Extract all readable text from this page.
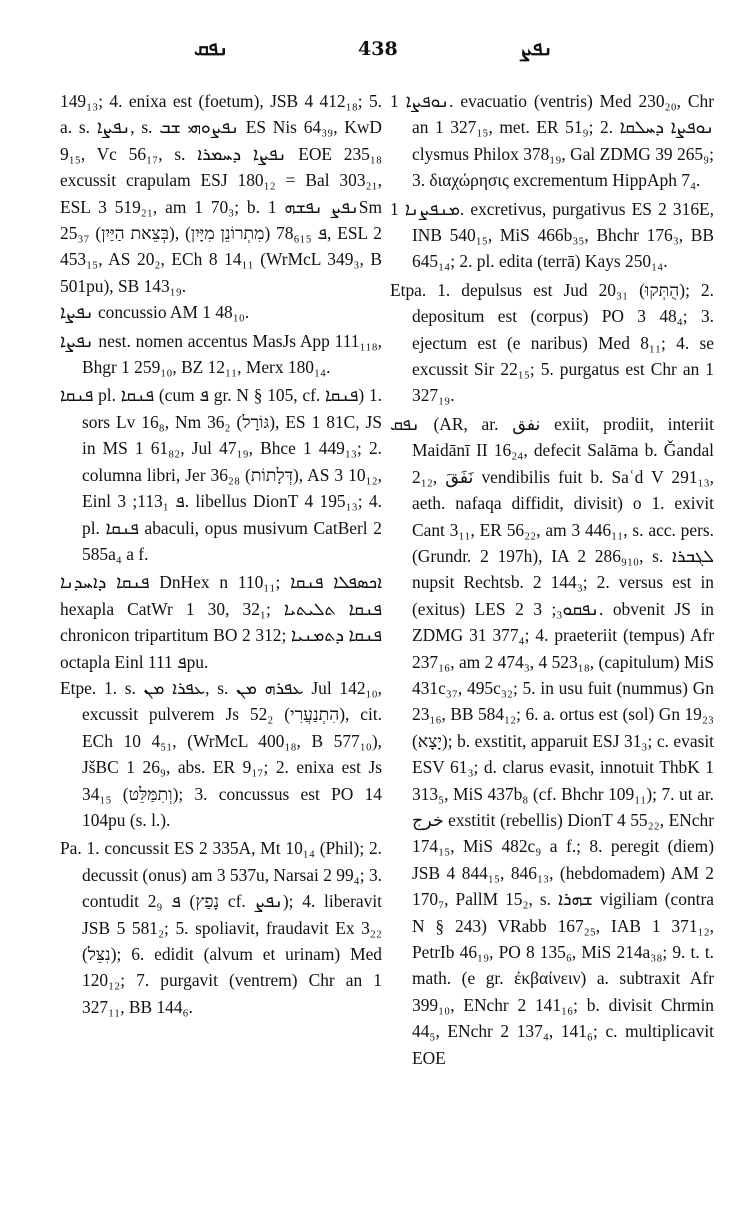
ܢܦܩ	438	ܢܦܨ

149₁₃; 4. enixa est (foetum), JSB 4 412₁₈; 5. a. s. ܢܦܨܐ, s. ܢܦܨܘܗܝ ܫܒ ES Nis 64₃₉, KwD 9₁₅, Vc 56₁₇, s. ܢܦܨܐ ܕܚܡܪܐ EOE 235₁₈ excussit crapulam ESJ 180₁₂ = Bal 303₂₁, ESL 3 519₂₁, am 1 70₃; b. ܢܦܨ ܢܦܫܗ 1Sm 25₃₇ (בְּצֵאת הַיַּיִן), ܦ 78₆₁₅ (מִתְרוֹנֵן מִיָּיִן), ESL 2 453₁₅, AS 20₂, ECh 8 14₁₁ (WrMcL 349₃, B 501pu), SB 143₁₉.

ܢܦܨܐ concussio AM 1 48₁₀.

ܢܦܨܐ nest. nomen accentus MasJs App 111₁₁₈, Bhgr 1 259₁₀, BZ 12₁₁, Merx 180₁₄.

ܦܢܩܐ pl. ܦܢܩܐ (cum ܦ gr. N § 105, cf. ܦܢܩܐ) 1. sors Lv 16₈, Nm 36₂ (גּוֹרָל), ES 1 81C, JS in MS 1 61₈₂, Jul 47₁₉, Bhce 1 449₁₃; 2. columna libri, Jer 36₂₈ (דְּלָתוֹת), AS 3 10₁₂, Einl ܦ 113₁; 3. libellus DionT 4 195₁₃; 4. pl. ܦܢܩܐ abaculi, opus musivum CatBerl 2 585a₄ a f.

ܦܢܩܐ ܕܐܚܕܢܐ DnHex n 110₁₁; ܐܟܣܦܠܐ ܦܢܩܐ hexapla CatWr 1 30, 32₁; ܦܢܩܐ ܬܠܝܬܝܐ chronicon tripartitum BO 2 312; ܦܢܩܐ ܕܬܡܢܝܐ octapla Einl ܦ 111pu.

Etpe. 1. s. ܥܦܪܐ ܡܢ, s. ܥܦܪܗ ܡܢ Jul 142₁₀, excussit pulverem Js 52₂ (הִתְנַעֲרִי), cit. ECh 10 4₅₁, (WrMcL 400₁₈, B 577₁₀), JšBC 1 26₉, abs. ER 9₁₇; 2. enixa est Js 34₁₅ (וְתִמַּלֵּט); 3. concussus est PO 14 104pu (s. l.).

Pa. 1. concussit ES 2 335A, Mt 10₁₄ (Phil); 2. decussit (onus) am 3 537u, Narsai 2 99₄; 3. contudit ܦ 2₉ (נָפַץ cf. ܢܦܨ); 4. liberavit JSB 5 581₂; 5. spoliavit, fraudavit Ex 3₂₂ (נִצֵּל); 6. edidit (alvum et urinam) Med 120₁₂; 7. purgavit (ventrem) Chr an 1 327₁₁, BB 144₆.

ܢܘܦܨܐ 1. evacuatio (ventris) Med 230₂₀, Chr an 1 327₁₅, met. ER 51₉; 2. ܢܘܦܨܐ ܕܚܠܩܐ clysmus Philox 378₁₉, Gal ZDMG 39 265₉; 3. διαχώρησις excrementum HippAph 7₄.

ܡܢܦܨܢܐ 1. excretivus, purgativus ES 2 316E, INB 540₁₅, MiS 466b₃₅, Bhchr 176₃, BB 645₁₄; 2. pl. edita (terrā) Kays 250₁₄.

Etpa. 1. depulsus est Jud 20₃₁ (הֻתְּקוּ); 2. depositum est (corpus) PO 3 48₄; 3. ejectum est (e naribus) Med 8₁₁; 4. se excussit Sir 22₁₅; 5. purgatus est Chr an 1 327₁₉.

ܢܦܩ (AR, ar. نفق exiit, prodiit, interiit Maidānī II 16₂₄, defecit Salāma b. Ǧandal 2₁₂, نَفَقَ vendibilis fuit b. Saʿd V 291₁₃, aeth. nafaqa diffidit, divisit) ο 1. exivit Cant 3₁₁, ER 56₂₂, am 3 446₁₁, s. acc. pers. (Grundr. 2 197h), IA 2 286₉₁₀, s. ܠܓܒܪܐ nupsit Rechtsb. 2 144₃; 2. versus est in (exitus) LES 2 ܢܦܩܘ₃; 3. obvenit JS in ZDMG 31 377₄; 4. praeteriit (tempus) Afr 237₁₆, am 2 474₃, 4 523₁₈, (capitulum) MiS 431c₃₇, 495c₃₂; 5. in usu fuit (nummus) Gn 23₁₆, BB 584₁₂; 6. a. ortus est (sol) Gn 19₂₃ (יָצָא); b. exstitit, apparuit ESJ 31₃; c. evasit ESV 61₃; d. clarus evasit, innotuit ThbK 1 313₅, MiS 437b₈ (cf. Bhchr 109₁₁); 7. ut ar. خرج exstitit (rebellis) DionT 4 55₂₂, ENchr 174₁₅, MiS 482c₉ a f.; 8. peregit (diem) JSB 4 844₁₅, 846₁₃, (hebdomadem) AM 2 170₇, PallM 15₂, s. ܫܗܪܐ vigiliam (contra N § 243) VRabb 167₂₅, IAB 1 371₁₂, PetrIb 46₁₉, PO 8 135₆, MiS 214a₃₈; 9. t. t. math. (e gr. ἐκβαίνειν) a. subtraxit Afr 399₁₀, ENchr 2 141₁₆; b. divisit Chrmin 44₅, ENchr 2 137₄, 141₆; c. multiplicavit EOE
